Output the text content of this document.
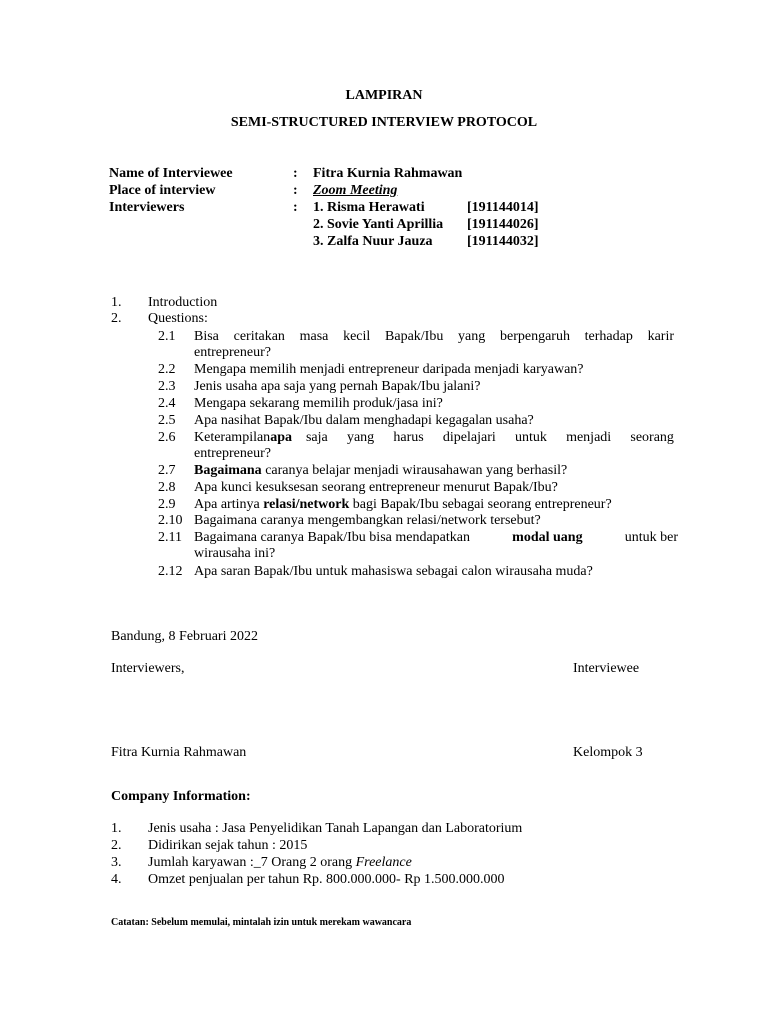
LAMPIRAN
SEMI-STRUCTURED INTERVIEW PROTOCOL
Name of Interviewee	: Fitra Kurnia Rahmawan
Place of interview	: Zoom Meeting
Interviewers	: 1. Risma Herawati	[191144014]
2. Sovie Yanti Aprillia [191144026]
3. Zalfa Nuur Jauza [191144032]
1. Introduction
2. Questions:
2.1 Bisa ceritakan masa kecil Bapak/Ibu yang berpengaruh terhadap karir
entrepreneur?
2.2 Mengapa memilih menjadi entrepreneur daripada menjadi karyawan?
2.3 Jenis usaha apa saja yang pernah Bapak/Ibu jalani?
2.4 Mengapa sekarang memilih produk/jasa ini?
2.5 Apa nasihat Bapak/Ibu dalam menghadapi kegagalan usaha?
2.6 Keterampilan apa saja yang harus dipelajari untuk menjadi seorang
entrepreneur?
2.7 Bagaimana caranya belajar menjadi wirausahawan yang berhasil?
2.8 Apa kunci kesuksesan seorang entrepreneur menurut Bapak/Ibu?
2.9 Apa artinya relasi/network bagi Bapak/Ibu sebagai seorang entrepreneur?
2.10 Bagaimana caranya mengembangkan relasi/network tersebut?
2.11 Bagaimana caranya Bapak/Ibu bisa mendapatkan	modal uang	untuk ber
wirausaha ini?
2.12 Apa saran Bapak/Ibu untuk mahasiswa sebagai calon wirausaha muda?
Bandung, 8 Februari 2022
Interviewers,	Interviewee
Fitra Kurnia Rahmawan	Kelompok 3
Company Information:
1. Jenis usaha : Jasa Penyelidikan Tanah Lapangan dan Laboratorium
2. Didirikan sejak tahun : 2015
3. Jumlah karyawan :_7 Orang 2 orang Freelance
4. Omzet penjualan per tahun Rp. 800.000.000- Rp 1.500.000.000
Catatan: Sebelum memulai, mintalah izin untuk merekam wawancara
